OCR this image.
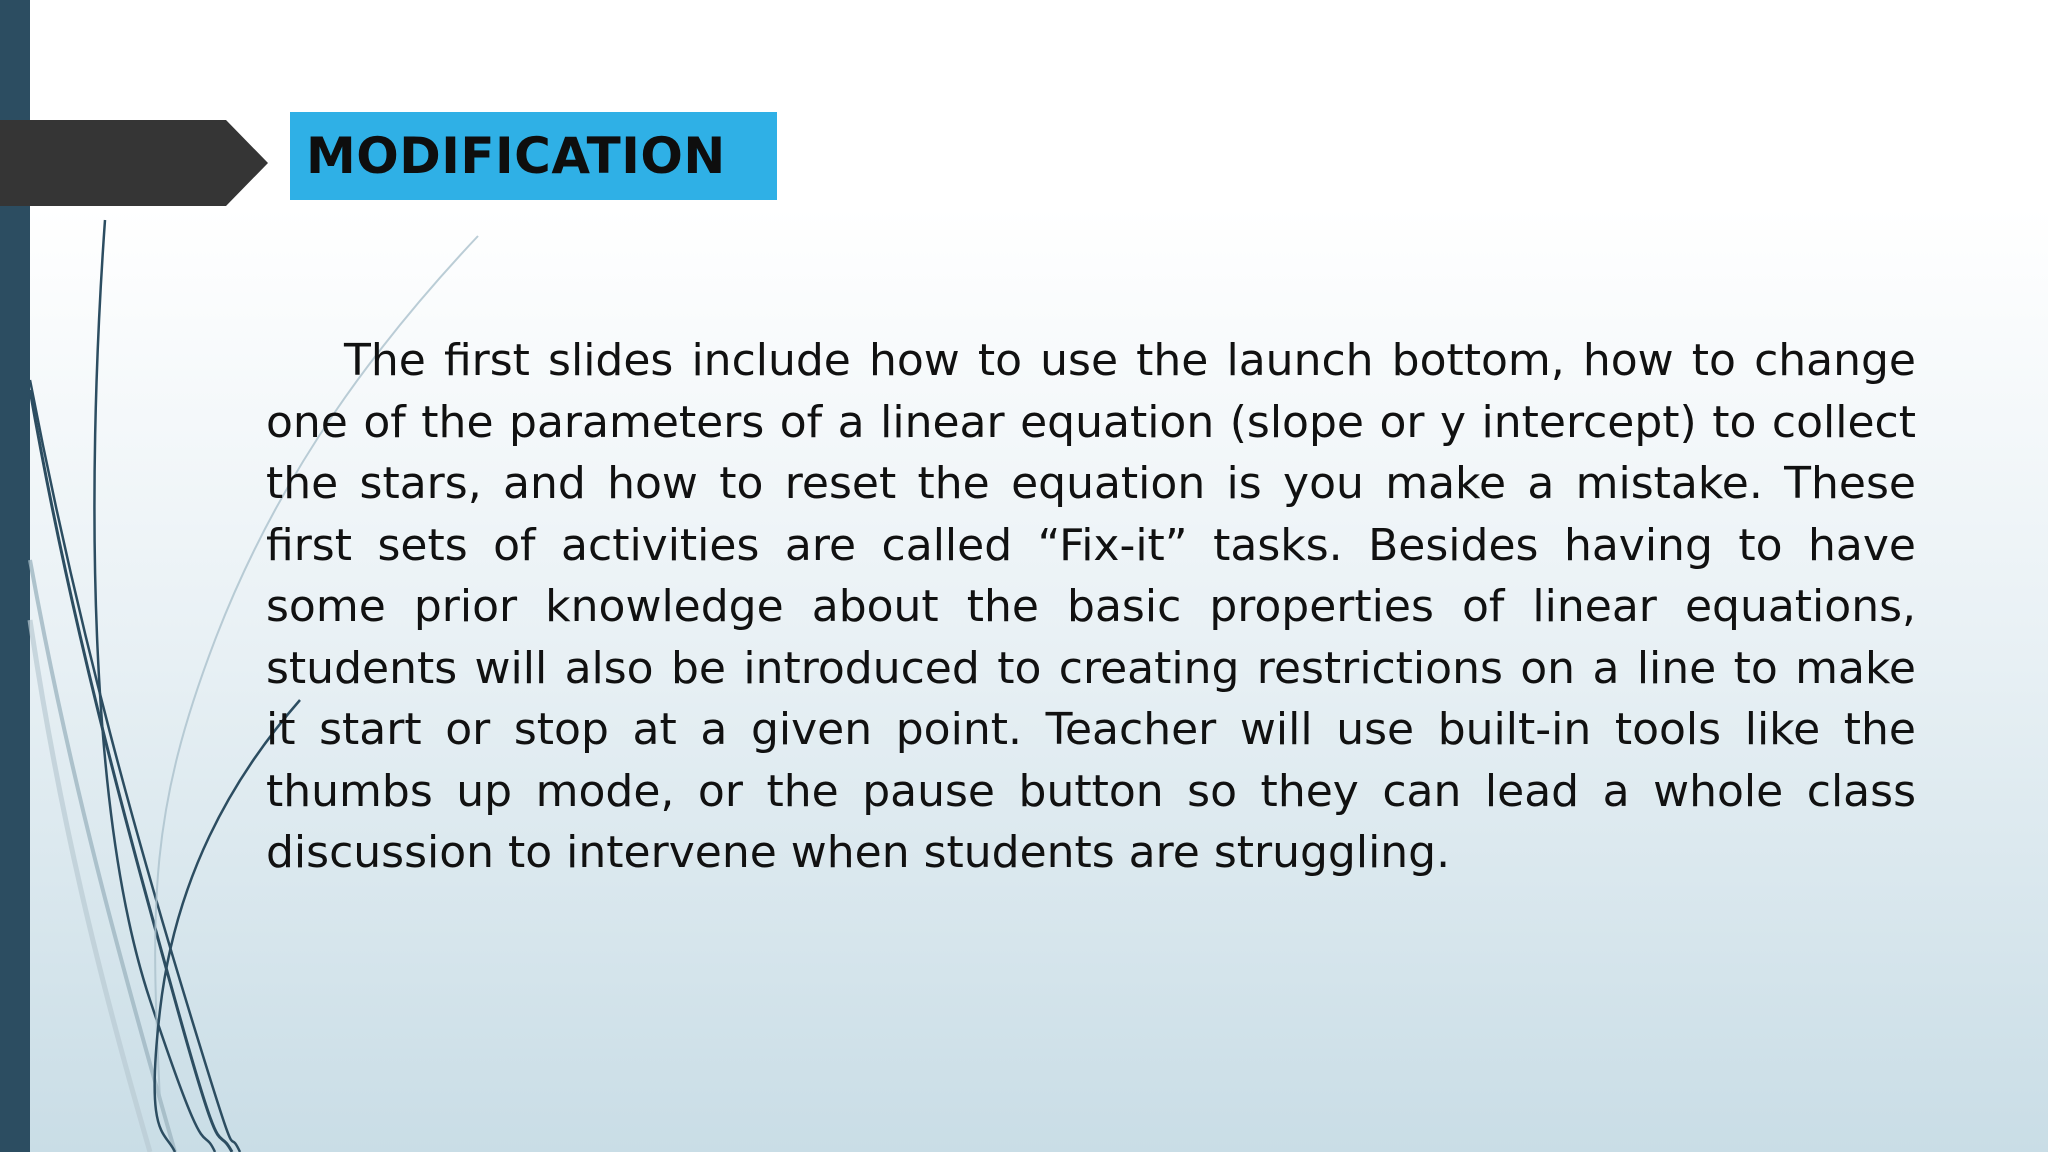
MODIFICATION

The first slides include how to use the launch bottom, how to change one of the parameters of a linear equation (slope or y intercept) to collect the stars, and how to reset the equation is you make a mistake. These first sets of activities are called “Fix-it” tasks. Besides having to have some prior knowledge about the basic properties of linear equations, students will also be introduced to creating restrictions on a line to make it start or stop at a given point. Teacher will use built-in tools like the thumbs up mode, or the pause button so they can lead a whole class discussion to intervene when students are struggling.
